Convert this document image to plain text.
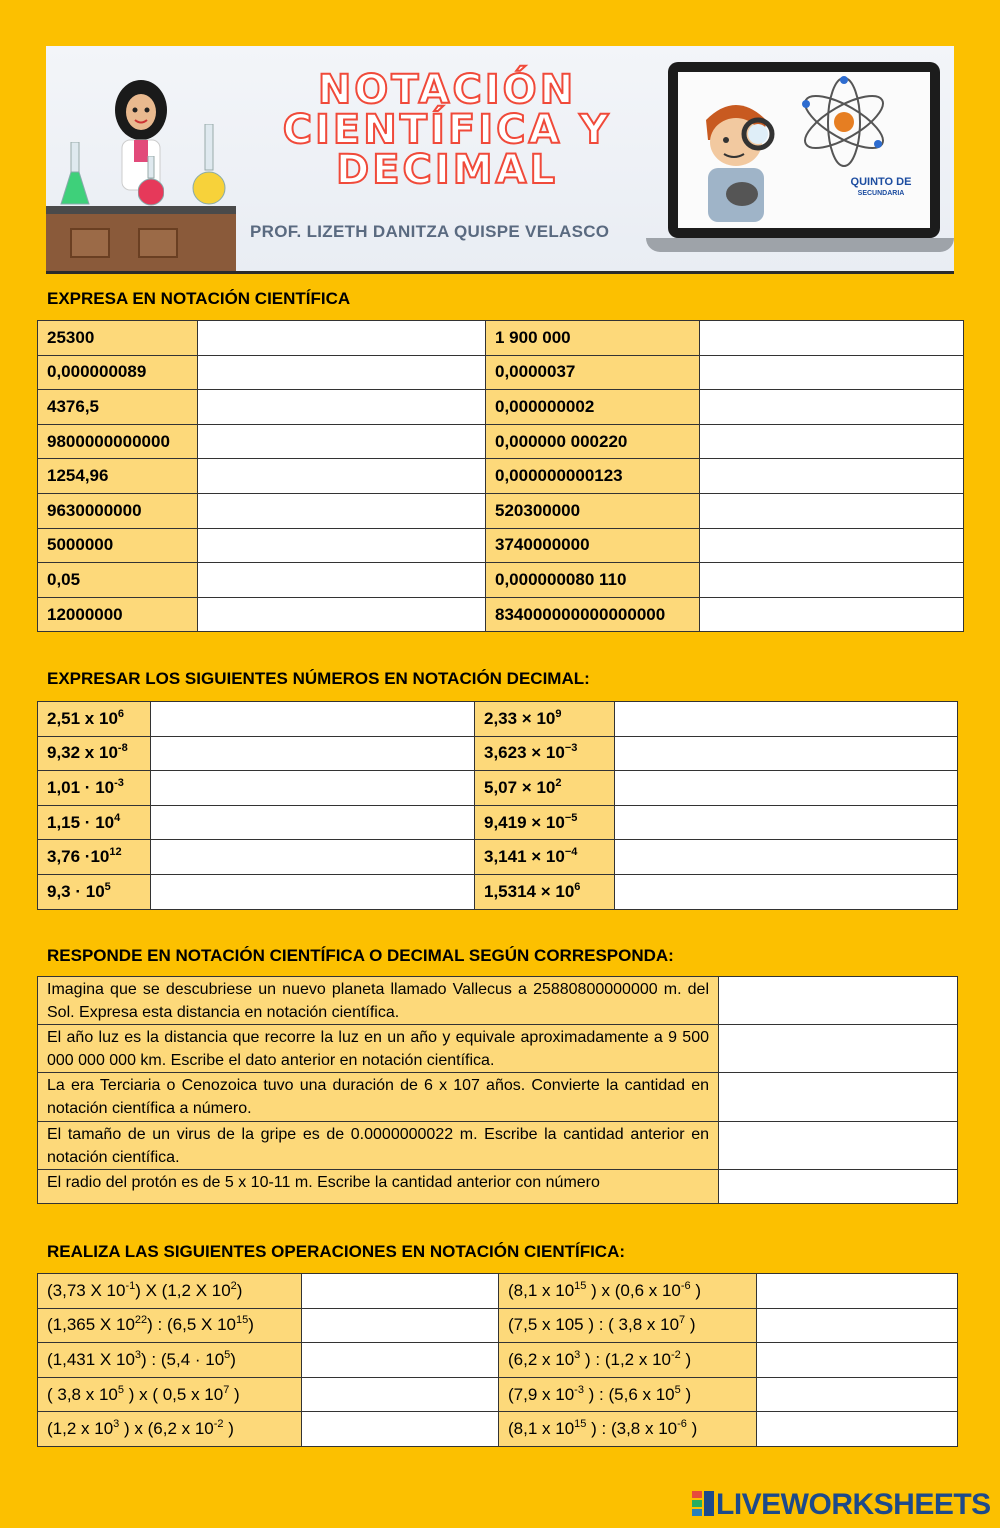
NOTACIÓN
CIENTÍFICA Y
DECIMAL
PROF. LIZETH DANITZA QUISPE VELASCO
QUINTO DE
SECUNDARIA
EXPRESA EN NOTACIÓN CIENTÍFICA
25300		1 900 000	
0,000000089		0,0000037	
4376,5		0,000000002	
9800000000000		0,000000 000220	
1254,96		0,000000000123	
9630000000		520300000	
5000000		3740000000	
0,05		0,000000080 110	
12000000		834000000000000000	
EXPRESAR LOS SIGUIENTES NÚMEROS EN NOTACIÓN DECIMAL:
2,51 x $10^6$		$2,33 \times 10^9$	
9,32 x $10^{-8}$		$3,623 \times 10^{-3}$	
$1,01 \cdot 10^{-3}$		$5,07 \times 10^2$	
$1,15 \cdot 10^4$		$9,419 \times 10^{-5}$	
$3,76 \cdot 10^{12}$		$3,141 \times 10^{-4}$	
$9,3 \cdot 10^5$		$1,5314 \times 10^6$	
RESPONDE EN NOTACIÓN CIENTÍFICA O DECIMAL SEGÚN CORRESPONDA:
Imagina que se descubriese un nuevo planeta llamado Vallecus a 25880800000000 m. del Sol. Expresa esta distancia en notación científica.	
El año luz es la distancia que recorre la luz en un año y equivale aproximadamente a 9 500 000 000 000 km. Escribe el dato anterior en notación científica.	
La era Terciaria o Cenozoica tuvo una duración de 6 x 107 años. Convierte la cantidad en notación científica a número.	
El tamaño de un virus de la gripe es de 0.0000000022 m. Escribe la cantidad anterior en notación científica.	
El radio del protón es de 5 x 10-11 m. Escribe la cantidad anterior con número	
REALIZA LAS SIGUIENTES OPERACIONES EN NOTACIÓN CIENTÍFICA:
(3,73 X $10^{-1}$) X (1,2 X $10^2$)		(8,1 x $10^{15}$ ) x (0,6 x $10^{-6}$ )	
(1,365 X $10^{22}$) : (6,5 X $10^{15}$)		(7,5 x 105 ) : ( 3,8 x $10^7$ )	
(1,431 X $10^3$) : $(5,4 \cdot 10^5)$		(6,2 x $10^3$ ) : (1,2 x $10^{-2}$ )	
( 3,8 x $10^5$ ) x ( 0,5 x $10^7$ )		(7,9 x $10^{-3}$ ) : (5,6 x $10^5$ )	
(1,2 x $10^3$ ) x (6,2 x $10^{-2}$ )		(8,1 x $10^{15}$ ) : (3,8 x $10^{-6}$ )	
LIVEWORKSHEETS
